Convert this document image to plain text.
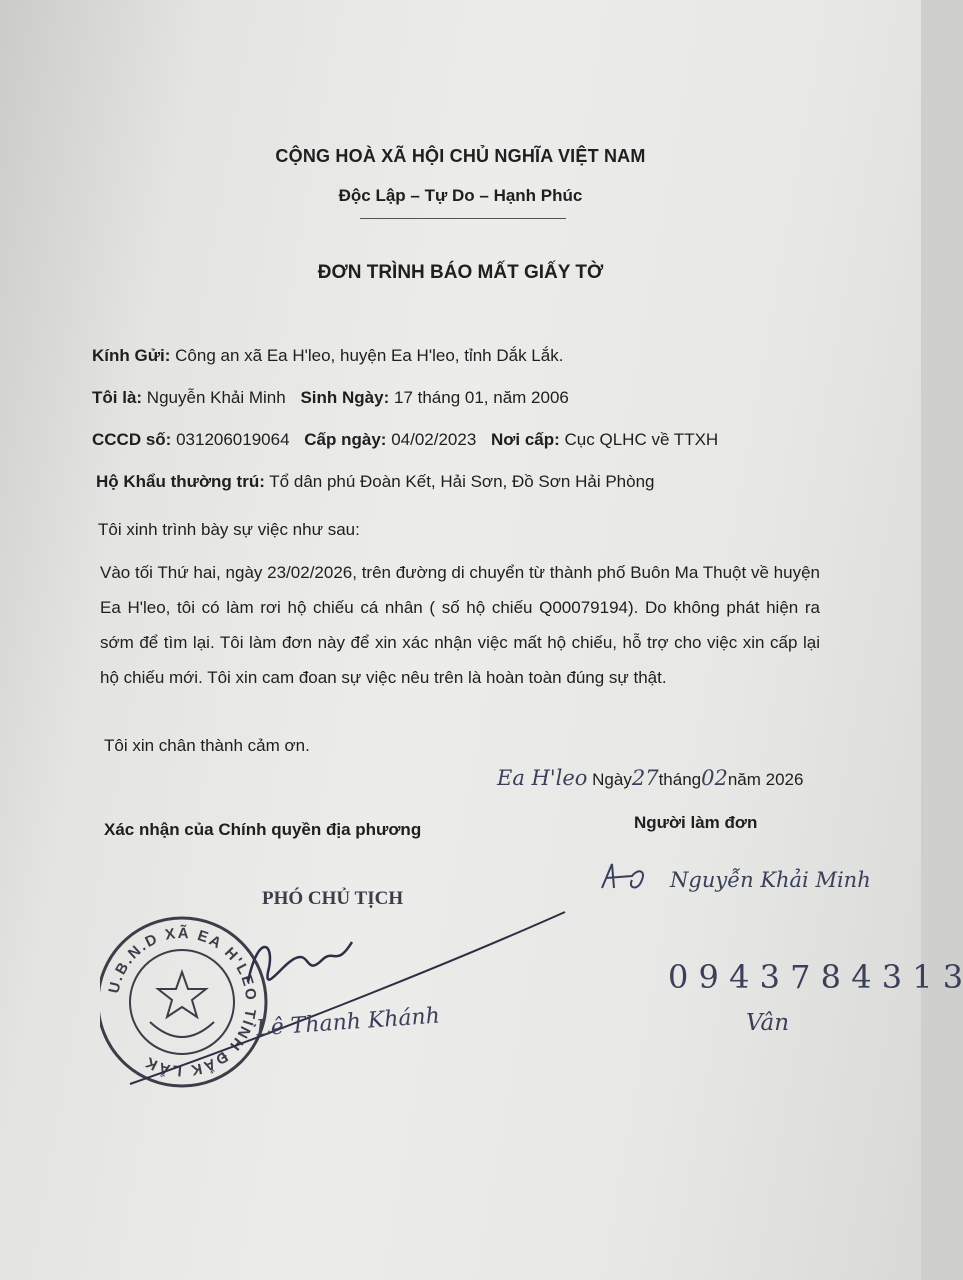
CỘNG HOÀ XÃ HỘI CHỦ NGHĨA VIỆT NAM
Độc Lập – Tự Do – Hạnh Phúc
ĐƠN TRÌNH BÁO MẤT GIẤY TỜ
Kính Gửi: Công an xã Ea H'leo, huyện Ea H'leo, tỉnh Dắk Lắk.
Tôi là: Nguyễn Khải Minh Sinh Ngày: 17 tháng 01, năm 2006
CCCD số: 031206019064 Cấp ngày: 04/02/2023 Nơi cấp: Cục QLHC về TTXH
Hộ Khẩu thường trú: Tổ dân phú Đoàn Kết, Hải Sơn, Đồ Sơn Hải Phòng
Tôi xinh trình bày sự việc như sau:
Vào tối Thứ hai, ngày 23/02/2026, trên đường di chuyển từ thành phố Buôn Ma Thuột về huyện Ea H'leo, tôi có làm rơi hộ chiếu cá nhân ( số hộ chiếu Q00079194). Do không phát hiện ra sớm để tìm lại. Tôi làm đơn này để xin xác nhận việc mất hộ chiếu, hỗ trợ cho việc xin cấp lại hộ chiếu mới. Tôi xin cam đoan sự việc nêu trên là hoàn toàn đúng sự thật.
Tôi xin chân thành cảm ơn.
Ea H'leo Ngày27tháng02năm 2026
Xác nhận của Chính quyền địa phương	Người làm đơn
U.B.N.D XÃ EA H'LEO TỈNH ĐẮK LẮK
PHÓ CHỦ TỊCH
Lê Thanh Khánh
Nguyễn Khải Minh
0 9 4 3 7 8 4 3 1 3
Vân
